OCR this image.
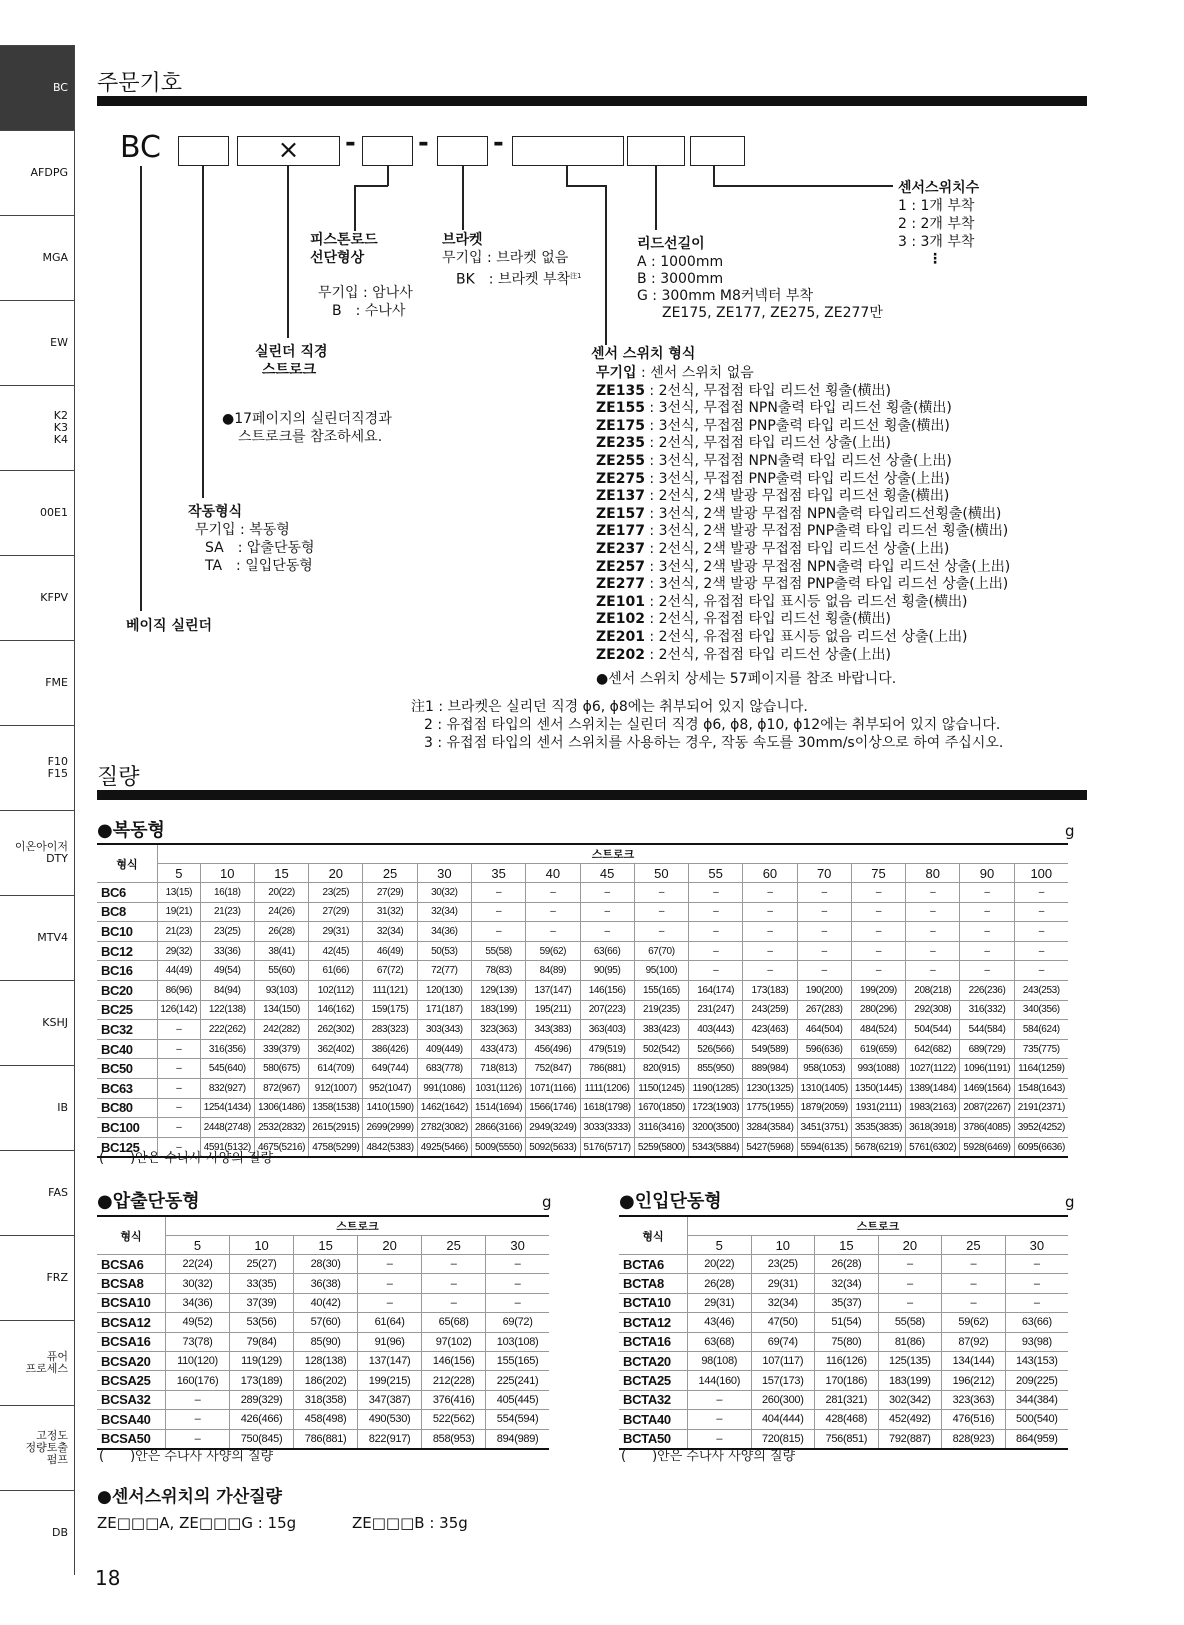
BC
AFDPG
MGA
EW
K2
K3
K4
00E1
KFPV
FME
F10
F15
이온아이저
DTY
MTV4
KSHJ
IB
FAS
FRZ
퓨어
프로세스
고정도
정량토출
펌프
DB
주문기호
BC	×	- - -
센서스위치수
1 : 1개 부착
2 : 2개 부착
3 : 3개 부착
⋮
피스톤로드
선단형상
무기입 : 암나사
B　: 수나사
브라켓
무기입 : 브라켓 없음
BK　: 브라켓 부착$^{注1}$
리드선길이
A : 1000mm
B : 3000mm
G : 300mm M8커넥터 부착
ZE175, ZE177, ZE275, ZE277만
실린더 직경
스트로크
●17페이지의 실린더직경과
스트로크를 참조하세요.
작동형식
무기입 : 복동형
SA　: 압출단동형
TA　: 일입단동형
베이직 실린더
센서 스위치 형식
무기입 : 센서 스위치 없음
ZE135 : 2선식, 무접점 타입 리드선 횡출(横出)
ZE155 : 3선식, 무접점 NPN출력 타입 리드선 횡출(横出)
ZE175 : 3선식, 무접점 PNP출력 타입 리드선 횡출(横出)
ZE235 : 2선식, 무접점 타입 리드선 상출(上出)
ZE255 : 3선식, 무접점 NPN출력 타입 리드선 상출(上出)
ZE275 : 3선식, 무접점 PNP출력 타입 리드선 상출(上出)
ZE137 : 2선식, 2색 발광 무접점 타입 리드선 횡출(横出)
ZE157 : 3선식, 2색 발광 무접점 NPN출력 타입리드선횡출(横出)
ZE177 : 3선식, 2색 발광 무접점 PNP출력 타입 리드선 횡출(横出)
ZE237 : 2선식, 2색 발광 무접점 타입 리드선 상출(上出)
ZE257 : 3선식, 2색 발광 무접점 NPN출력 타입 리드선 상출(上出)
ZE277 : 3선식, 2색 발광 무접점 PNP출력 타입 리드선 상출(上出)
ZE101 : 2선식, 유접점 타입 표시등 없음 리드선 횡출(横出)
ZE102 : 2선식, 유접점 타입 리드선 횡출(横出)
ZE201 : 2선식, 유접점 타입 표시등 없음 리드선 상출(上出)
ZE202 : 2선식, 유접점 타입 리드선 상출(上出)
●센서 스위치 상세는 57페이지를 참조 바랍니다.
注1 : 브라켓은 실리던 직경 ϕ6, ϕ8에는 취부되어 있지 않습니다.
2 : 유접점 타입의 센서 스위치는 실린더 직경 ϕ6, ϕ8, ϕ10, ϕ12에는 취부되어 있지 않습니다.
3 : 유접점 타입의 센서 스위치를 사용하는 경우, 작동 속도를 30mm/s이상으로 하여 주십시오.
질량
●복동형	g
형식	스트로크																
	5	10	15	20	25	30	35	40	45	50	55	60	70	75	80	90	100
BC6	13(15)	16(18)	20(22)	23(25)	27(29)	30(32)	–	–	–	–	–	–	–	–	–	–	–
BC8	19(21)	21(23)	24(26)	27(29)	31(32)	32(34)	–	–	–	–	–	–	–	–	–	–	–
BC10	21(23)	23(25)	26(28)	29(31)	32(34)	34(36)	–	–	–	–	–	–	–	–	–	–	–
BC12	29(32)	33(36)	38(41)	42(45)	46(49)	50(53)	55(58)	59(62)	63(66)	67(70)	–	–	–	–	–	–	–
BC16	44(49)	49(54)	55(60)	61(66)	67(72)	72(77)	78(83)	84(89)	90(95)	95(100)	–	–	–	–	–	–	–
BC20	86(96)	84(94)	93(103)	102(112)	111(121)	120(130)	129(139)	137(147)	146(156)	155(165)	164(174)	173(183)	190(200)	199(209)	208(218)	226(236)	243(253)
BC25	126(142)	122(138)	134(150)	146(162)	159(175)	171(187)	183(199)	195(211)	207(223)	219(235)	231(247)	243(259)	267(283)	280(296)	292(308)	316(332)	340(356)
BC32	–	222(262)	242(282)	262(302)	283(323)	303(343)	323(363)	343(383)	363(403)	383(423)	403(443)	423(463)	464(504)	484(524)	504(544)	544(584)	584(624)
BC40	–	316(356)	339(379)	362(402)	386(426)	409(449)	433(473)	456(496)	479(519)	502(542)	526(566)	549(589)	596(636)	619(659)	642(682)	689(729)	735(775)
BC50	–	545(640)	580(675)	614(709)	649(744)	683(778)	718(813)	752(847)	786(881)	820(915)	855(950)	889(984)	958(1053)	993(1088)	1027(1122)	1096(1191)	1164(1259)
BC63	–	832(927)	872(967)	912(1007)	952(1047)	991(1086)	1031(1126)	1071(1166)	1111(1206)	1150(1245)	1190(1285)	1230(1325)	1310(1405)	1350(1445)	1389(1484)	1469(1564)	1548(1643)
BC80	–	1254(1434)	1306(1486)	1358(1538)	1410(1590)	1462(1642)	1514(1694)	1566(1746)	1618(1798)	1670(1850)	1723(1903)	1775(1955)	1879(2059)	1931(2111)	1983(2163)	2087(2267)	2191(2371)
BC100	–	2448(2748)	2532(2832)	2615(2915)	2699(2999)	2782(3082)	2866(3166)	2949(3249)	3033(3333)	3116(3416)	3200(3500)	3284(3584)	3451(3751)	3535(3835)	3618(3918)	3786(4085)	3952(4252)
BC125	–	4591(5132)	4675(5216)	4758(5299)	4842(5383)	4925(5466)	5009(5550)	5092(5633)	5176(5717)	5259(5800)	5343(5884)	5427(5968)	5594(6135)	5678(6219)	5761(6302)	5928(6469)	6095(6636)
(　　)안은 수나사 사양의 질량
●압출단동형	g
형식	스트로크					
	5	10	15	20	25	30
BCSA6	22(24)	25(27)	28(30)	–	–	–
BCSA8	30(32)	33(35)	36(38)	–	–	–
BCSA10	34(36)	37(39)	40(42)	–	–	–
BCSA12	49(52)	53(56)	57(60)	61(64)	65(68)	69(72)
BCSA16	73(78)	79(84)	85(90)	91(96)	97(102)	103(108)
BCSA20	110(120)	119(129)	128(138)	137(147)	146(156)	155(165)
BCSA25	160(176)	173(189)	186(202)	199(215)	212(228)	225(241)
BCSA32	–	289(329)	318(358)	347(387)	376(416)	405(445)
BCSA40	–	426(466)	458(498)	490(530)	522(562)	554(594)
BCSA50	–	750(845)	786(881)	822(917)	858(953)	894(989)
(　　)안은 수나사 사양의 질량
●인입단동형	g
형식	스트로크					
	5	10	15	20	25	30
BCTA6	20(22)	23(25)	26(28)	–	–	–
BCTA8	26(28)	29(31)	32(34)	–	–	–
BCTA10	29(31)	32(34)	35(37)	–	–	–
BCTA12	43(46)	47(50)	51(54)	55(58)	59(62)	63(66)
BCTA16	63(68)	69(74)	75(80)	81(86)	87(92)	93(98)
BCTA20	98(108)	107(117)	116(126)	125(135)	134(144)	143(153)
BCTA25	144(160)	157(173)	170(186)	183(199)	196(212)	209(225)
BCTA32	–	260(300)	281(321)	302(342)	323(363)	344(384)
BCTA40	–	404(444)	428(468)	452(492)	476(516)	500(540)
BCTA50	–	720(815)	756(851)	792(887)	828(923)	864(959)
(　　)안은 수나사 사양의 질량
●센서스위치의 가산질량
ZE□□□A, ZE□□□G : 15g	ZE□□□B : 35g
18
